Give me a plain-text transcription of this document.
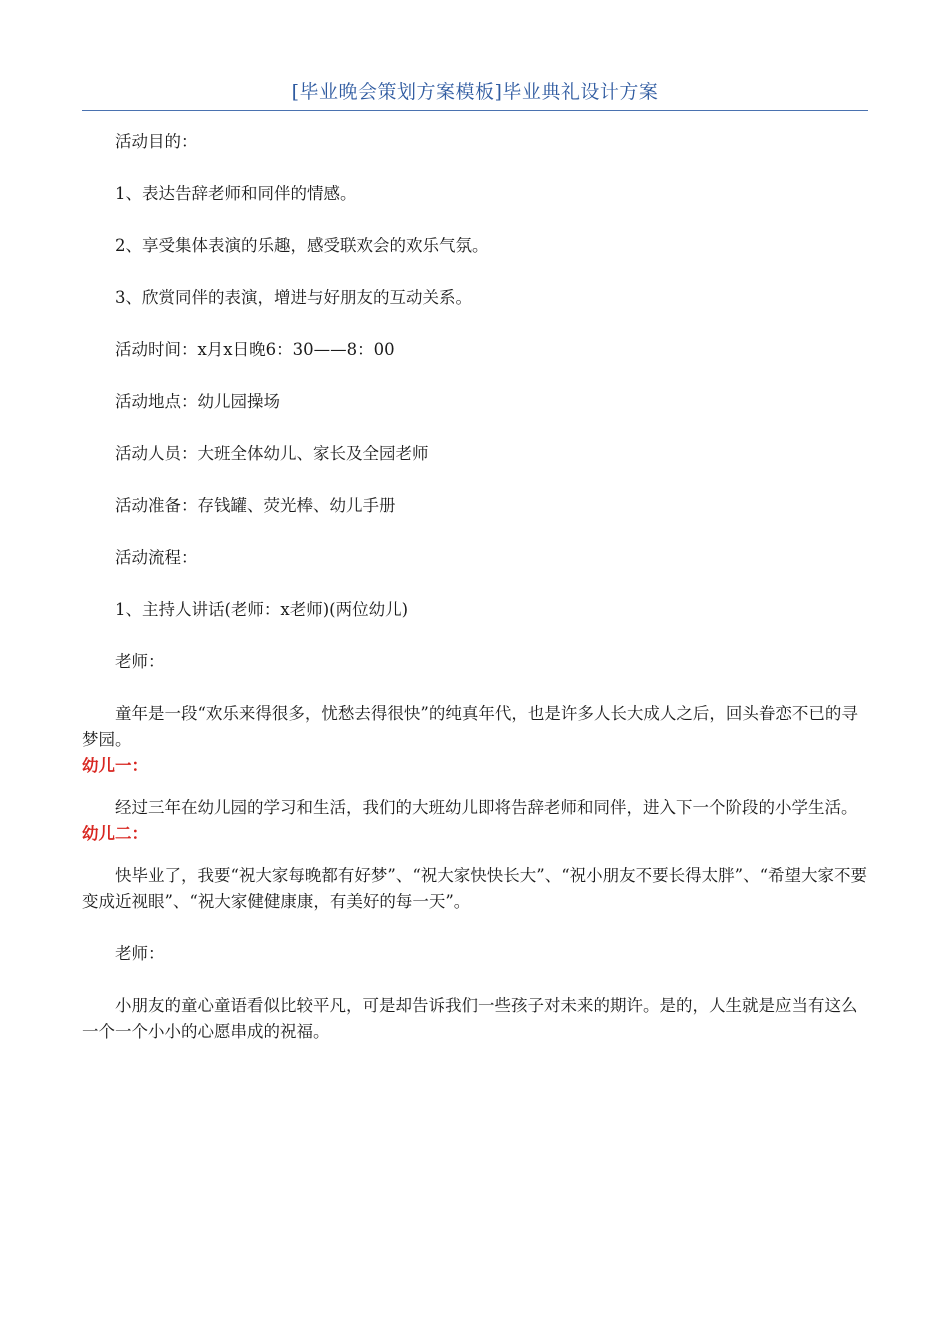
[毕业晚会策划方案模板]毕业典礼设计方案

活动目的：

1、表达告辞老师和同伴的情感。

2、享受集体表演的乐趣，感受联欢会的欢乐气氛。

3、欣赏同伴的表演，增进与好朋友的互动关系。

活动时间：x月x日晚6：30——8：00

活动地点：幼儿园操场

活动人员：大班全体幼儿、家长及全园老师

活动准备：存钱罐、荧光棒、幼儿手册

活动流程：

1、主持人讲话(老师：x老师)(两位幼儿)

老师：

童年是一段“欢乐来得很多，忧愁去得很快”的纯真年代，也是许多人长大成人之后，回头眷恋不已的寻梦园。

幼儿一：

经过三年在幼儿园的学习和生活，我们的大班幼儿即将告辞老师和同伴，进入下一个阶段的小学生活。

幼儿二：

快毕业了，我要“祝大家每晚都有好梦”、“祝大家快快长大”、“祝小朋友不要长得太胖”、“希望大家不要变成近视眼”、“祝大家健健康康，有美好的每一天”。

老师：

小朋友的童心童语看似比较平凡，可是却告诉我们一些孩子对未来的期许。是的，人生就是应当有这么一个一个小小的心愿串成的祝福。
